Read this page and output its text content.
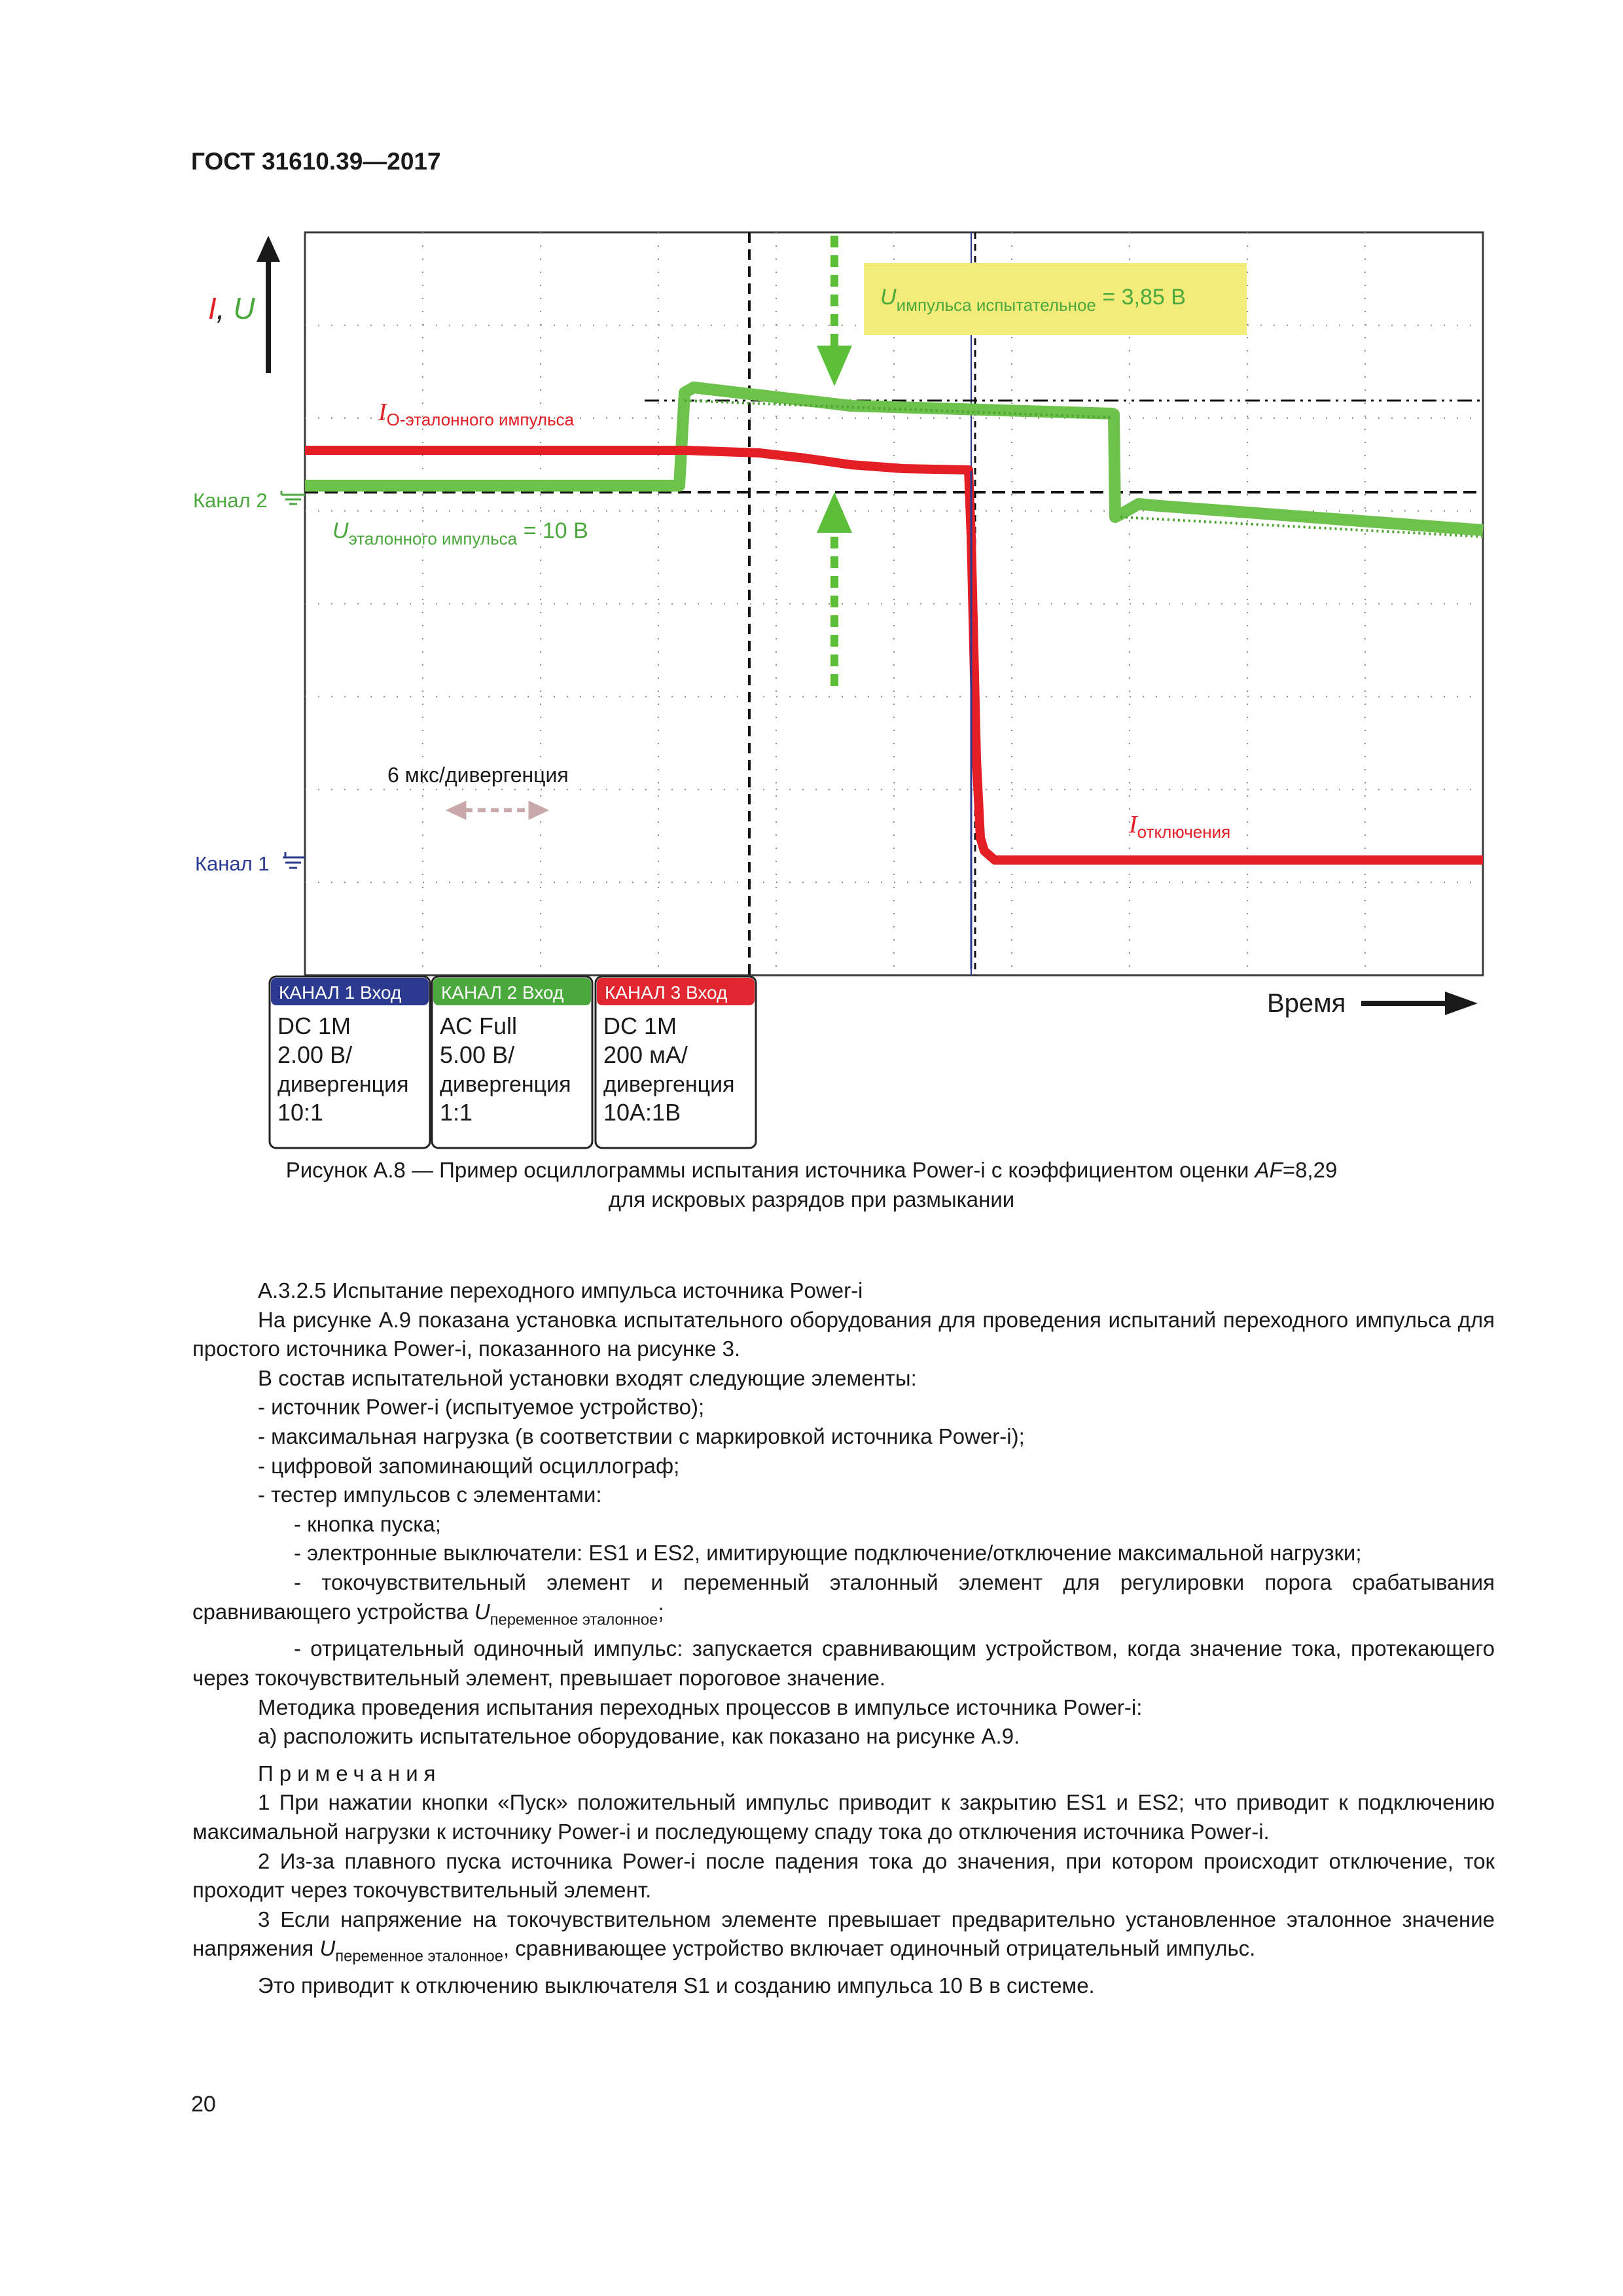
ГОСТ 31610.39—2017
I, U	$U_{импульса испытательное} = 3,85$ В
$I_{О-эталонного импульса}$
$U_{эталонного импульса} = 10$ В
Канал 2
Канал 1
6 мкс/дивергенция
$I_{отключения}$
Время
КАНАЛ 1 Вход
DC 1M
2.00 В/
дивергенция
10:1
КАНАЛ 2 Вход
AC Full
5.00 В/
дивергенция
1:1
КАНАЛ 3 Вход
DC 1M
200 мА/
дивергенция
10A:1B
Рисунок А.8 — Пример осциллограммы испытания источника Power-i с коэффициентом оценки AF=8,29
для искровых разрядов при размыкании

А.3.2.5 Испытание переходного импульса источника Power-i

На рисунке А.9 показана установка испытательного оборудования для проведения испытаний переходного импульса для простого источника Power-i, показанного на рисунке 3.

В состав испытательной установки входят следующие элементы:

- источник Power-i (испытуемое устройство);

- максимальная нагрузка (в соответствии с маркировкой источника Power-i);

- цифровой запоминающий осциллограф;

- тестер импульсов с элементами:

- кнопка пуска;

- электронные выключатели: ES1 и ES2, имитирующие подключение/отключение максимальной нагрузки;

- токочувствительный элемент и переменный эталонный элемент для регулировки порога срабатывания сравнивающего устройства $U_{переменное эталонное}$;

- отрицательный одиночный импульс: запускается сравнивающим устройством, когда значение тока, протекающего через токочувствительный элемент, превышает пороговое значение.

Методика проведения испытания переходных процессов в импульсе источника Power-i:

а) расположить испытательное оборудование, как показано на рисунке А.9.

Примечания

1 При нажатии кнопки «Пуск» положительный импульс приводит к закрытию ES1 и ES2; что приводит к подключению максимальной нагрузки к источнику Power-i и последующему спаду тока до отключения источника Power-i.

2 Из-за плавного пуска источника Power-i после падения тока до значения, при котором происходит отключение, ток проходит через токочувствительный элемент.

3 Если напряжение на токочувствительном элементе превышает предварительно установленное эталонное значение напряжения $U_{переменное эталонное}$, сравнивающее устройство включает одиночный отрицательный импульс.

Это приводит к отключению выключателя S1 и созданию импульса 10 В в системе.

20
